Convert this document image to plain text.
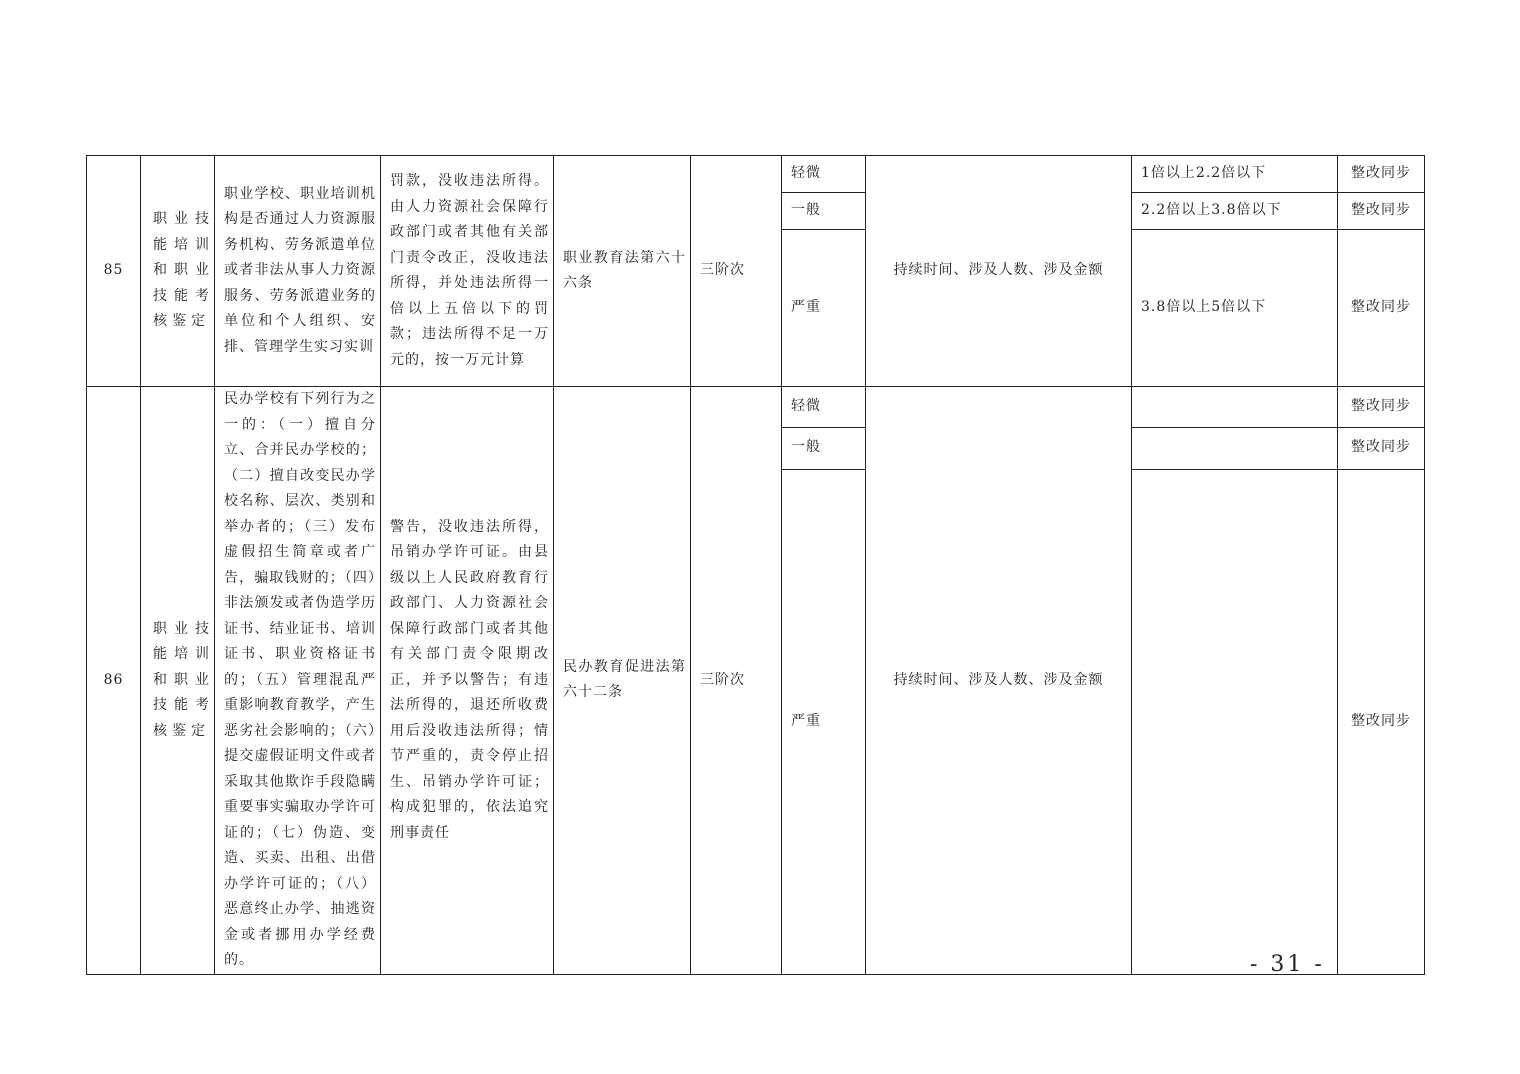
85	职业技能培训和职业技能考核鉴定	职业学校、职业培训机构是否通过人力资源服务机构、劳务派遣单位或者非法从事人力资源服务、劳务派遣业务的单位和个人组织、安排、管理学生实习实训	罚款，没收违法所得。由人力资源社会保障行政部门或者其他有关部门责令改正，没收违法所得，并处违法所得一倍以上五倍以下的罚款；违法所得不足一万元的，按一万元计算	职业教育法第六十六条	三阶次	轻微	持续时间、涉及人数、涉及金额	1倍以上2.2倍以下	整改同步
						一般		2.2倍以上3.8倍以下	整改同步
						严重		3.8倍以上5倍以下	整改同步
86	职业技能培训和职业技能考核鉴定	民办学校有下列行为之一的：（一）擅自分立、合并民办学校的；（二）擅自改变民办学校名称、层次、类别和举办者的；（三）发布虚假招生简章或者广告，骗取钱财的；（四）非法颁发或者伪造学历证书、结业证书、培训证书、职业资格证书的；（五）管理混乱严重影响教育教学，产生恶劣社会影响的；（六）提交虚假证明文件或者采取其他欺诈手段隐瞒重要事实骗取办学许可证的；（七）伪造、变造、买卖、出租、出借办学许可证的；（八）恶意终止办学、抽逃资金或者挪用办学经费的。	警告，没收违法所得，吊销办学许可证。由县级以上人民政府教育行政部门、人力资源社会保障行政部门或者其他有关部门责令限期改正，并予以警告；有违法所得的，退还所收费用后没收违法所得；情节严重的，责令停止招生、吊销办学许可证；构成犯罪的，依法追究刑事责任	民办教育促进法第六十二条	三阶次	轻微	持续时间、涉及人数、涉及金额		整改同步
						一般			整改同步
						严重			整改同步
- 31 -
